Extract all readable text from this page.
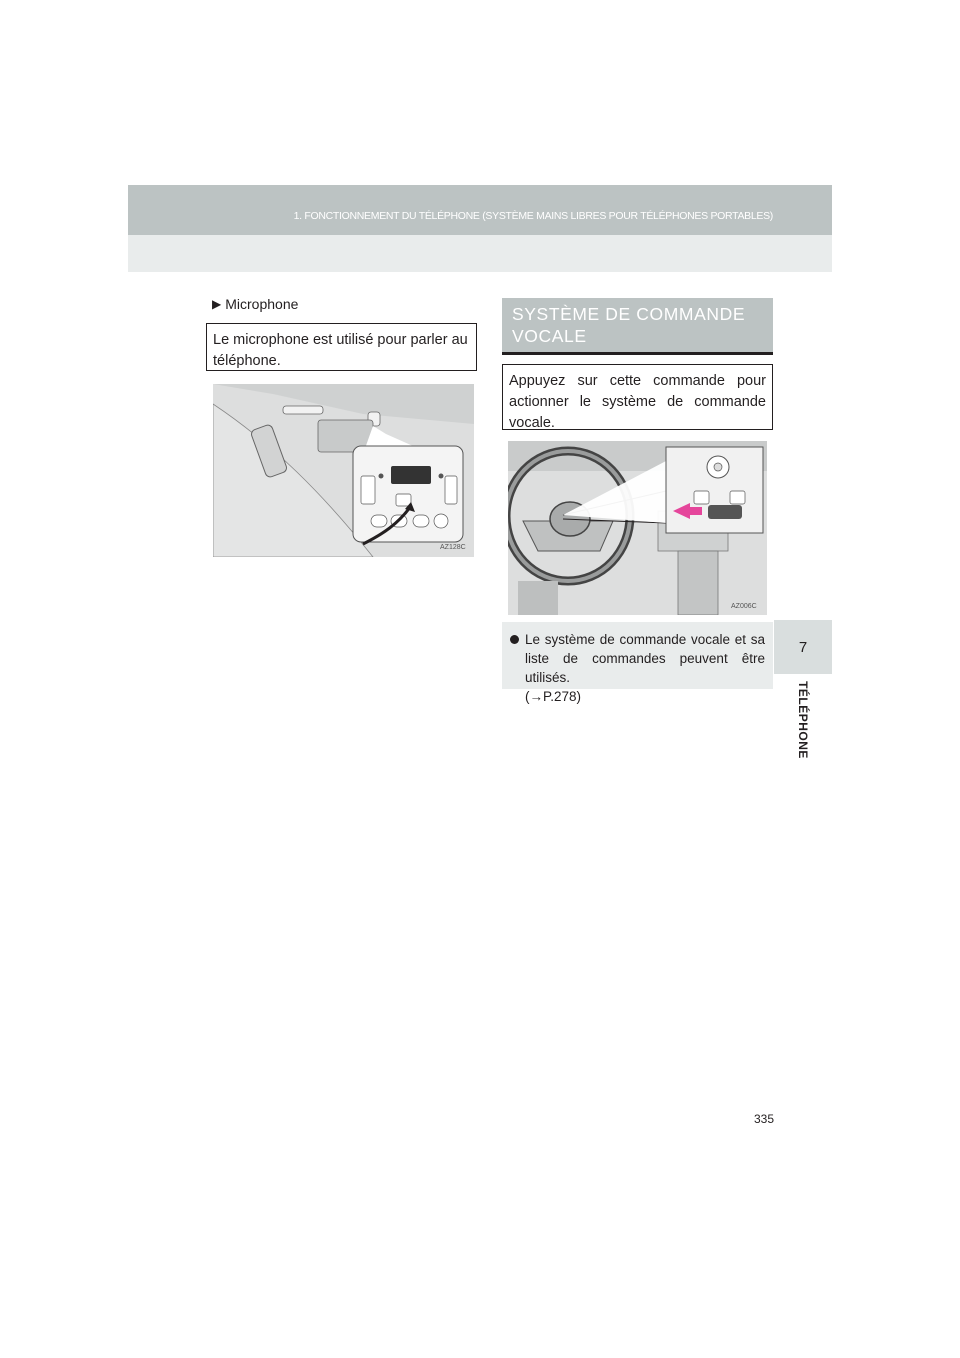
1. FONCTIONNEMENT DU TÉLÉPHONE (SYSTÈME MAINS LIBRES POUR TÉLÉPHONES PORTABLES)
7
TÉLÉPHONE
▶ Microphone
Le microphone est utilisé pour parler au téléphone.
AZ128C
SYSTÈME DE COMMANDE VOCALE
Appuyez sur cette commande pour actionner le système de commande vocale.
AZ006C
Le système de commande vocale et sa liste de commandes peuvent être utilisés.
(→P.278)
335
